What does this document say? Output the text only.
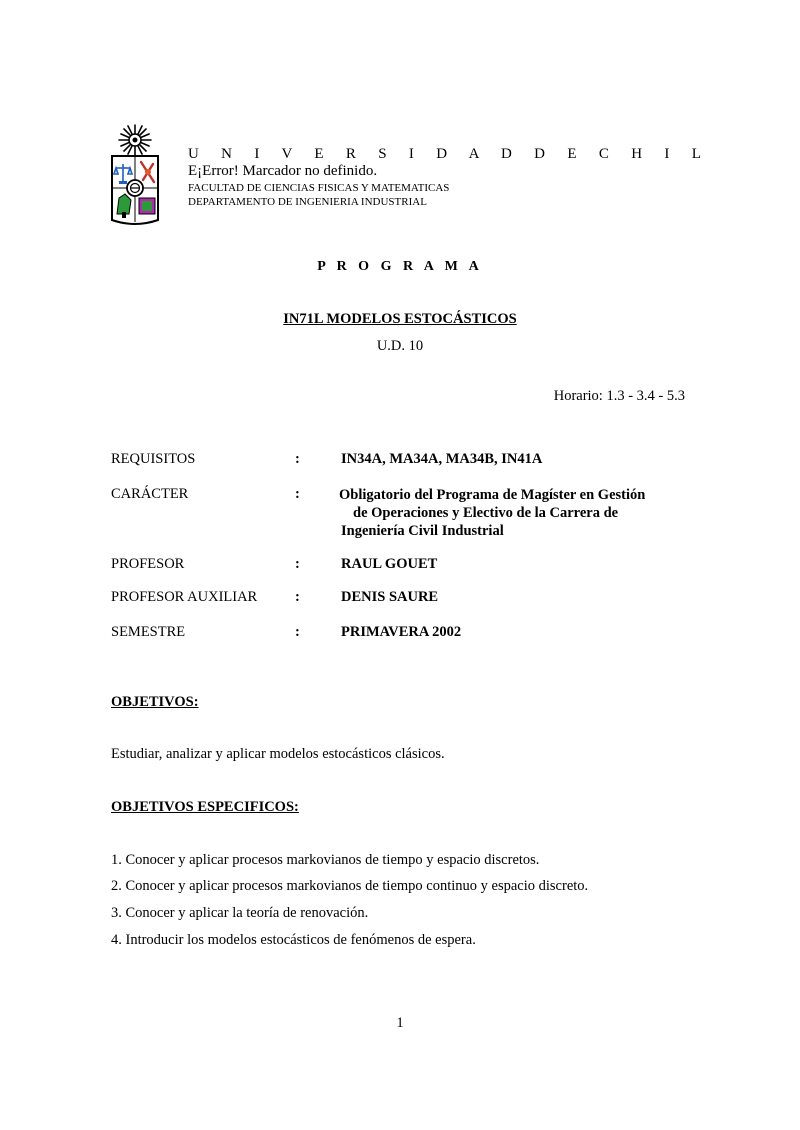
U N I V E R S I D A D D E C H I L
E¡Error! Marcador no definido.
FACULTAD DE CIENCIAS FISICAS Y MATEMATICAS
DEPARTAMENTO DE INGENIERIA INDUSTRIAL
P R O G R A M A
IN71L MODELOS ESTOCÁSTICOS
U.D. 10
Horario: 1.3 - 3.4 - 5.3
REQUISITOS	:	IN34A, MA34A, MA34B, IN41A
CARÁCTER	:	Obligatorio del Programa de Magíster en Gestión
de Operaciones y Electivo de la Carrera de
Ingeniería Civil Industrial
PROFESOR	:	RAUL GOUET
PROFESOR AUXILIAR	:	DENIS SAURE
SEMESTRE	:	PRIMAVERA 2002
OBJETIVOS:
Estudiar, analizar y aplicar modelos estocásticos clásicos.
OBJETIVOS ESPECIFICOS:
1. Conocer y aplicar procesos markovianos de tiempo y espacio discretos.
2. Conocer y aplicar procesos markovianos de tiempo continuo y espacio discreto.
3. Conocer y aplicar la teoría de renovación.
4. Introducir los modelos estocásticos de fenómenos de espera.
1
